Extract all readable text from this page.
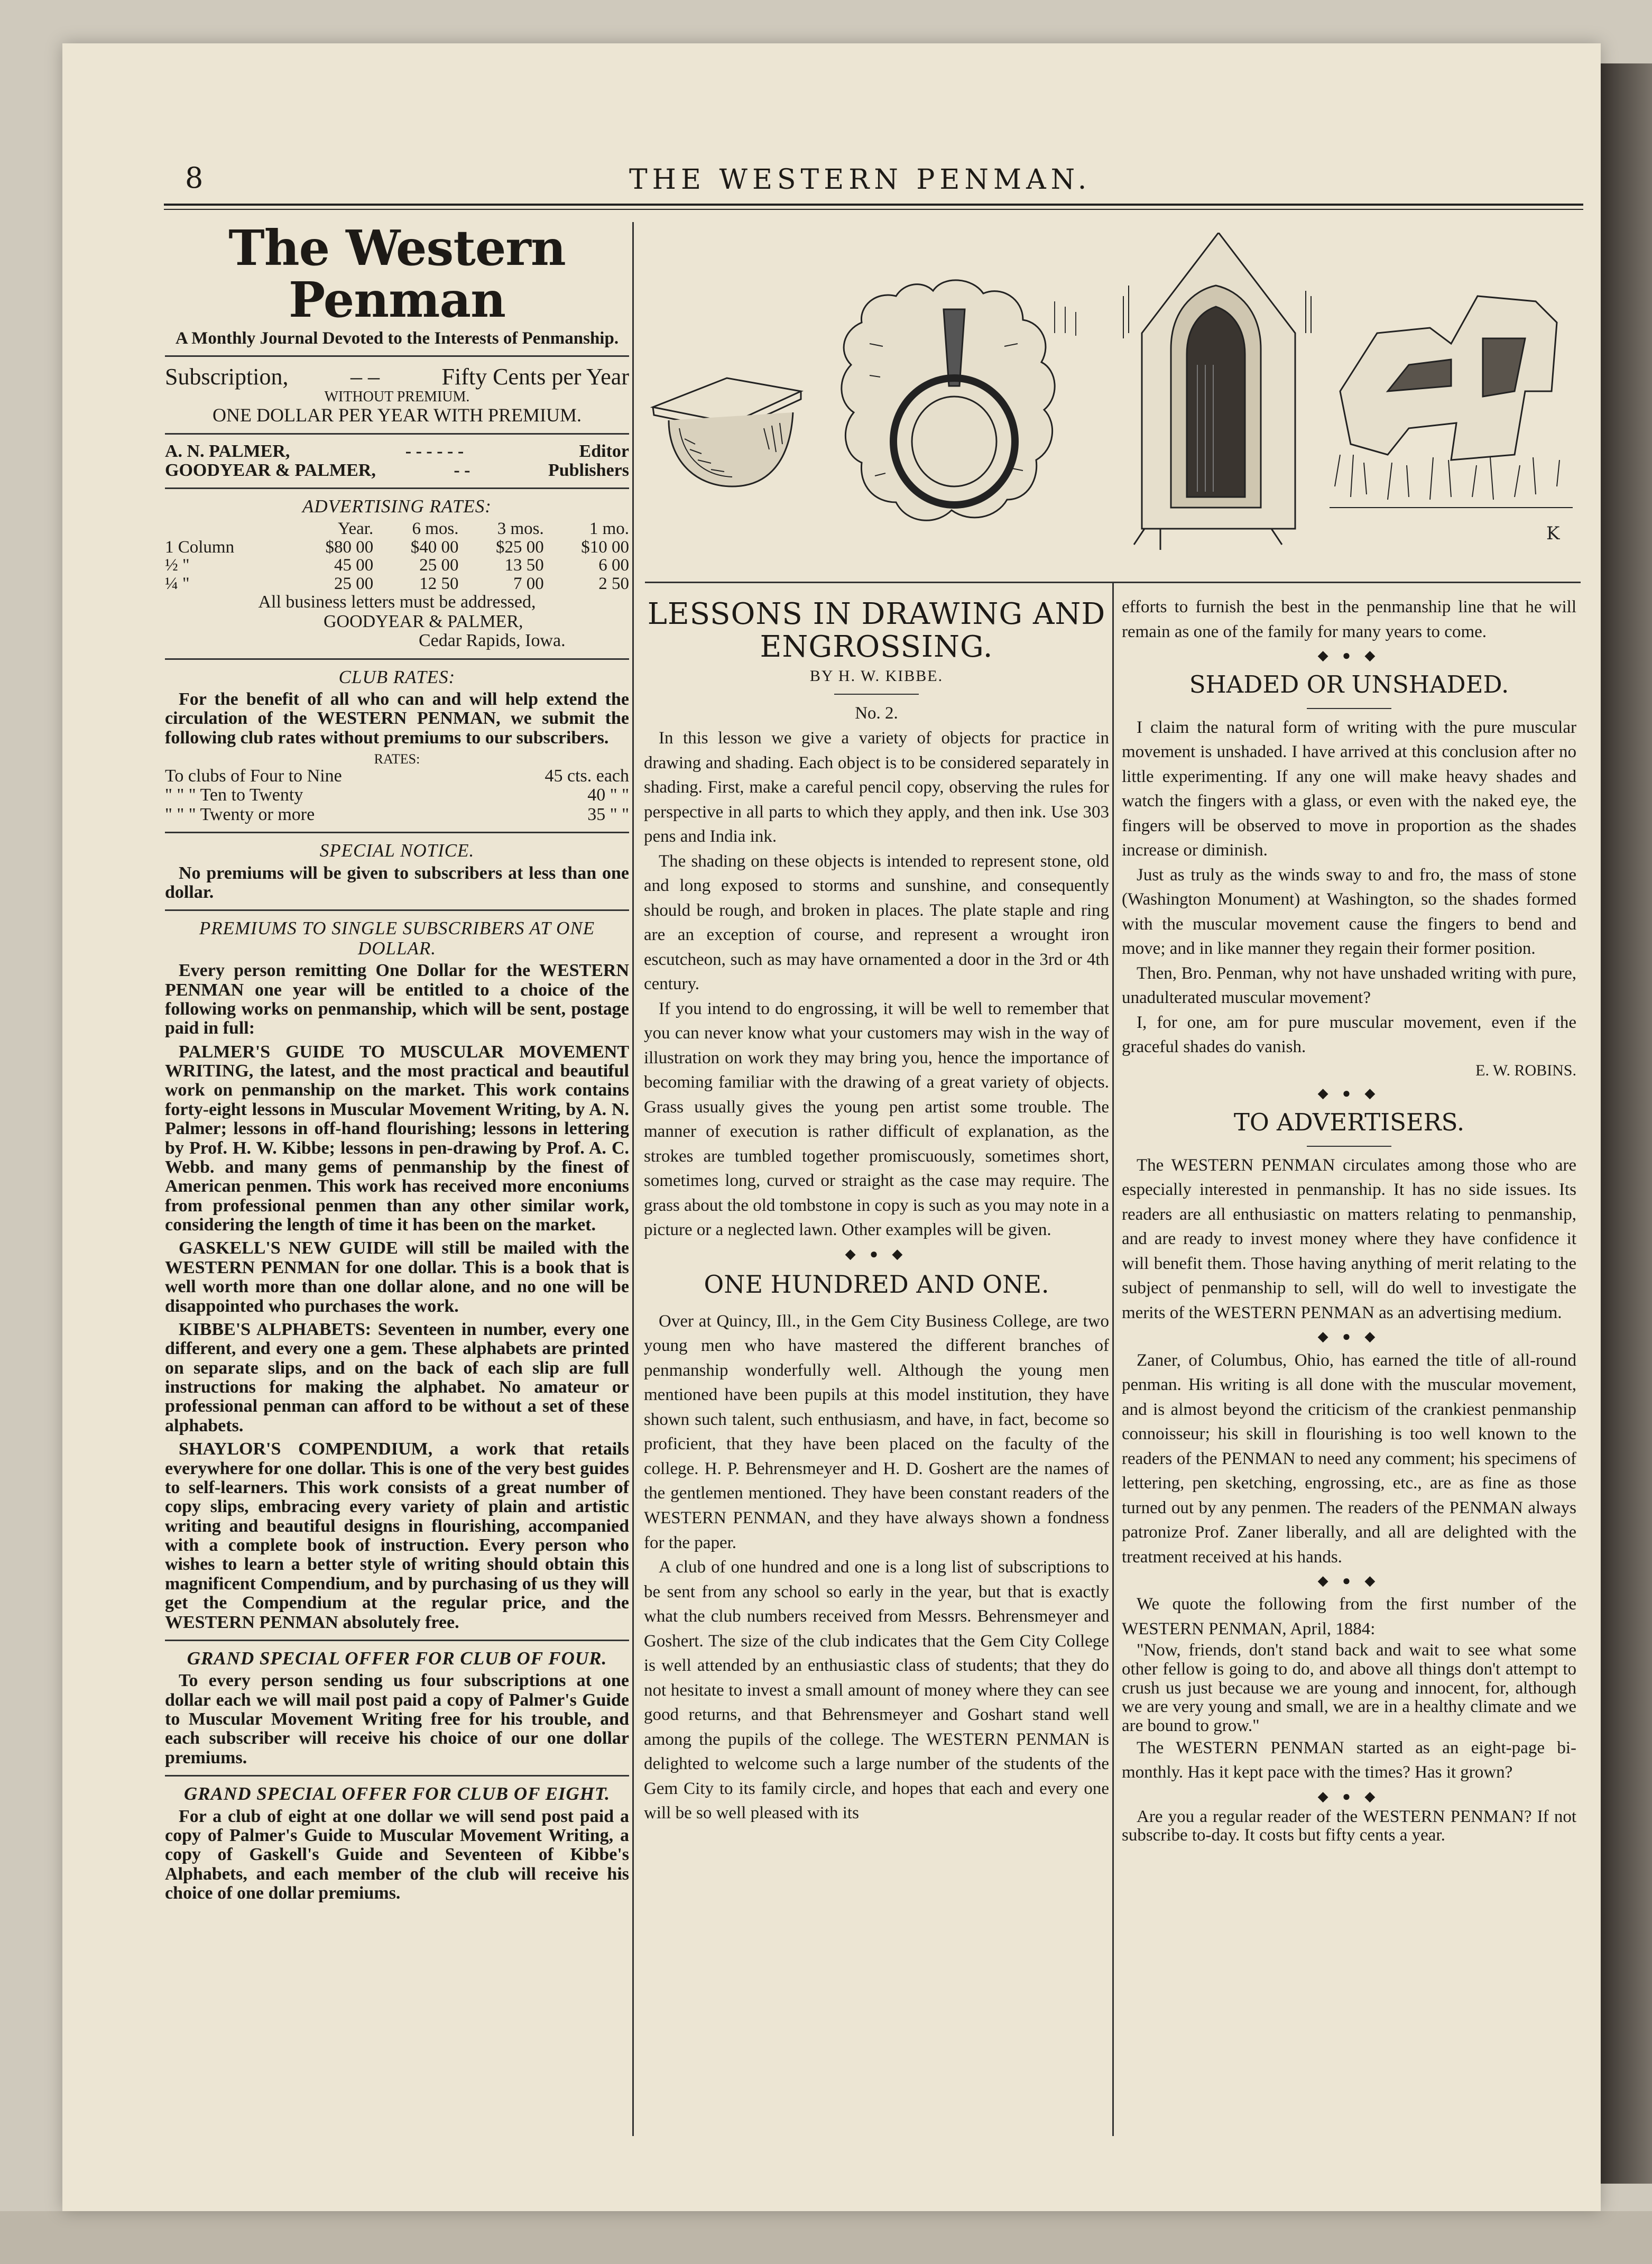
8	THE WESTERN PENMAN.
The Western Penman
A Monthly Journal Devoted to the Interests of Penmanship.
Subscription,	– –	Fifty Cents per Year
WITHOUT PREMIUM.
ONE DOLLAR PER YEAR WITH PREMIUM.
A. N. PALMER,	- - - - - -	Editor
GOODYEAR & PALMER,	- -	Publishers
ADVERTISING RATES:
	Year.	6 mos.	3 mos.	1 mo.
1 Column	$80 00	$40 00	$25 00	$10 00
½ "	45 00	25 00	13 50	6 00
¼ "	25 00	12 50	7 00	2 50
All business letters must be addressed,
GOODYEAR & PALMER,
Cedar Rapids, Iowa.
CLUB RATES:

For the benefit of all who can and will help extend the circulation of the WESTERN PENMAN, we submit the following club rates without premiums to our subscribers.

RATES:
To clubs of Four to Nine	45 cts. each
" " " Ten to Twenty	40 " "
" " " Twenty or more	35 " "
SPECIAL NOTICE.

No premiums will be given to subscribers at less than one dollar.

PREMIUMS TO SINGLE SUBSCRIBERS AT ONE DOLLAR.

Every person remitting One Dollar for the WESTERN PENMAN one year will be entitled to a choice of the following works on penmanship, which will be sent, postage paid in full:

PALMER'S GUIDE TO MUSCULAR MOVEMENT WRITING, the latest, and the most practical and beautiful work on penmanship on the market. This work contains forty-eight lessons in Muscular Movement Writing, by A. N. Palmer; lessons in off-hand flourishing; lessons in lettering by Prof. H. W. Kibbe; lessons in pen-drawing by Prof. A. C. Webb. and many gems of penmanship by the finest of American penmen. This work has received more enconiums from professional penmen than any other similar work, considering the length of time it has been on the market.

GASKELL'S NEW GUIDE will still be mailed with the WESTERN PENMAN for one dollar. This is a book that is well worth more than one dollar alone, and no one will be disappointed who purchases the work.

KIBBE'S ALPHABETS: Seventeen in number, every one different, and every one a gem. These alphabets are printed on separate slips, and on the back of each slip are full instructions for making the alphabet. No amateur or professional penman can afford to be without a set of these alphabets.

SHAYLOR'S COMPENDIUM, a work that retails everywhere for one dollar. This is one of the very best guides to self-learners. This work consists of a great number of copy slips, embracing every variety of plain and artistic writing and beautiful designs in flourishing, accompanied with a complete book of instruction. Every person who wishes to learn a better style of writing should obtain this magnificent Compendium, and by purchasing of us they will get the Compendium at the regular price, and the WESTERN PENMAN absolutely free.

GRAND SPECIAL OFFER FOR CLUB OF FOUR.

To every person sending us four subscriptions at one dollar each we will mail post paid a copy of Palmer's Guide to Muscular Movement Writing free for his trouble, and each subscriber will receive his choice of our one dollar premiums.

GRAND SPECIAL OFFER FOR CLUB OF EIGHT.

For a club of eight at one dollar we will send post paid a copy of Palmer's Guide to Muscular Movement Writing, a copy of Gaskell's Guide and Seventeen of Kibbe's Alphabets, and each member of the club will receive his choice of one dollar premiums.

K
LESSONS IN DRAWING AND ENGROSSING.
BY H. W. KIBBE.
No. 2.

In this lesson we give a variety of objects for practice in drawing and shading. Each object is to be considered separately in shading. First, make a careful pencil copy, observing the rules for perspective in all parts to which they apply, and then ink. Use 303 pens and India ink.

The shading on these objects is intended to represent stone, old and long exposed to storms and sunshine, and consequently should be rough, and broken in places. The plate staple and ring are an exception of course, and represent a wrought iron escutcheon, such as may have ornamented a door in the 3rd or 4th century.

If you intend to do engrossing, it will be well to remember that you can never know what your customers may wish in the way of illustration on work they may bring you, hence the importance of becoming familiar with the drawing of a great variety of objects. Grass usually gives the young pen artist some trouble. The manner of execution is rather difficult of explanation, as the strokes are tumbled together promiscuously, sometimes short, sometimes long, curved or straight as the case may require. The grass about the old tombstone in copy is such as you may note in a picture or a neglected lawn. Other examples will be given.

◆ ● ◆
ONE HUNDRED AND ONE.

Over at Quincy, Ill., in the Gem City Business College, are two young men who have mastered the different branches of penmanship wonderfully well. Although the young men mentioned have been pupils at this model institution, they have shown such talent, such enthusiasm, and have, in fact, become so proficient, that they have been placed on the faculty of the college. H. P. Behrensmeyer and H. D. Goshert are the names of the gentlemen mentioned. They have been constant readers of the WESTERN PENMAN, and they have always shown a fondness for the paper.

A club of one hundred and one is a long list of subscriptions to be sent from any school so early in the year, but that is exactly what the club numbers received from Messrs. Behrensmeyer and Goshert. The size of the club indicates that the Gem City College is well attended by an enthusiastic class of students; that they do not hesitate to invest a small amount of money where they can see good returns, and that Behrensmeyer and Goshart stand well among the pupils of the college. The WESTERN PENMAN is delighted to welcome such a large number of the students of the Gem City to its family circle, and hopes that each and every one will be so well pleased with its

efforts to furnish the best in the penmanship line that he will remain as one of the family for many years to come.

◆ ● ◆
SHADED OR UNSHADED.

I claim the natural form of writing with the pure muscular movement is unshaded. I have arrived at this conclusion after no little experimenting. If any one will make heavy shades and watch the fingers with a glass, or even with the naked eye, the fingers will be observed to move in proportion as the shades increase or diminish.

Just as truly as the winds sway to and fro, the mass of stone (Washington Monument) at Washington, so the shades formed with the muscular movement cause the fingers to bend and move; and in like manner they regain their former position.

Then, Bro. Penman, why not have unshaded writing with pure, unadulterated muscular movement?

I, for one, am for pure muscular movement, even if the graceful shades do vanish.

E. W. ROBINS.
◆ ● ◆
TO ADVERTISERS.

The WESTERN PENMAN circulates among those who are especially interested in penmanship. It has no side issues. Its readers are all enthusiastic on matters relating to penmanship, and are ready to invest money where they have confidence it will benefit them. Those having anything of merit relating to the subject of penmanship to sell, will do well to investigate the merits of the WESTERN PENMAN as an advertising medium.

◆ ● ◆

Zaner, of Columbus, Ohio, has earned the title of all-round penman. His writing is all done with the muscular movement, and is almost beyond the criticism of the crankiest penmanship connoisseur; his skill in flourishing is too well known to the readers of the PENMAN to need any comment; his specimens of lettering, pen sketching, engrossing, etc., are as fine as those turned out by any penmen. The readers of the PENMAN always patronize Prof. Zaner liberally, and all are delighted with the treatment received at his hands.

◆ ● ◆

We quote the following from the first number of the WESTERN PENMAN, April, 1884:

"Now, friends, don't stand back and wait to see what some other fellow is going to do, and above all things don't attempt to crush us just because we are young and innocent, for, although we are very young and small, we are in a healthy climate and we are bound to grow."

The WESTERN PENMAN started as an eight-page bi-monthly. Has it kept pace with the times? Has it grown?

◆ ● ◆

Are you a regular reader of the WESTERN PENMAN? If not subscribe to-day. It costs but fifty cents a year.
